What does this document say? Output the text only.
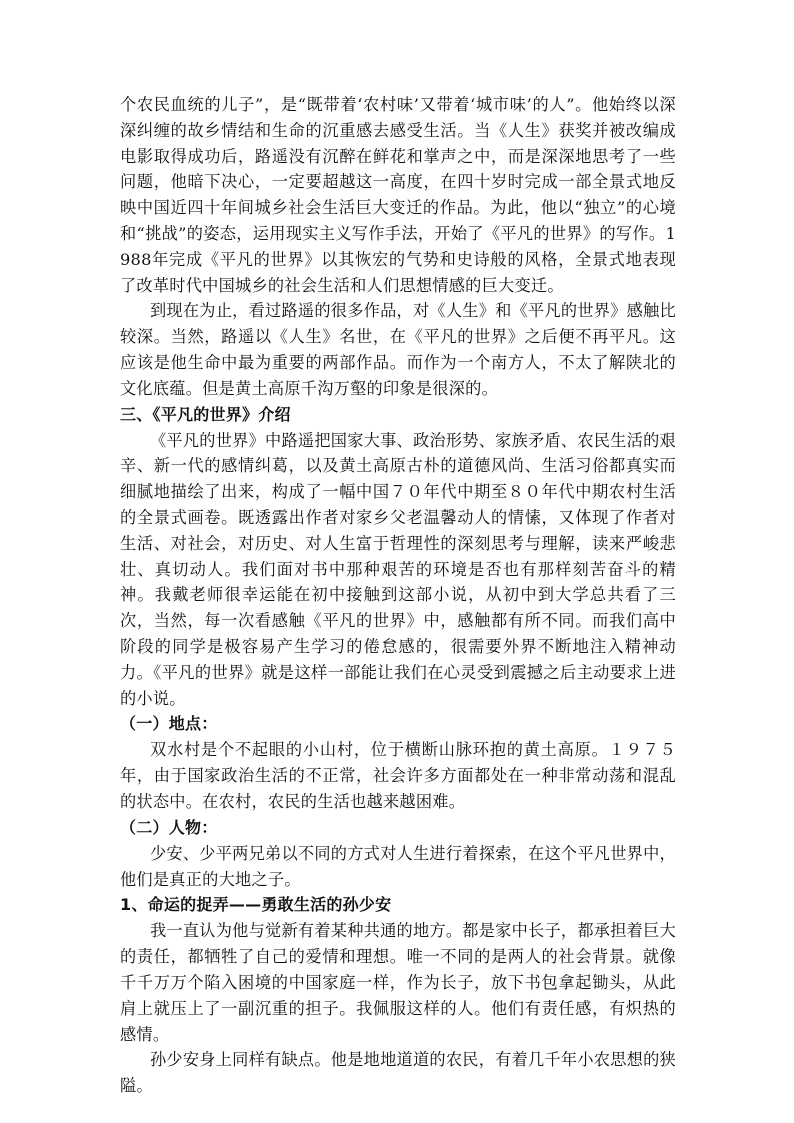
个农民血统的儿子”，是“既带着‘农村味’又带着‘城市味’的人”。他始终以深深纠缠的故乡情结和生命的沉重感去感受生活。当《人生》获奖并被改编成电影取得成功后，路遥没有沉醉在鲜花和掌声之中，而是深深地思考了一些问题，他暗下决心，一定要超越这一高度，在四十岁时完成一部全景式地反映中国近四十年间城乡社会生活巨大变迁的作品。为此，他以“独立”的心境和“挑战”的姿态，运用现实主义写作手法，开始了《平凡的世界》的写作。1988年完成《平凡的世界》以其恢宏的气势和史诗般的风格，全景式地表现了改革时代中国城乡的社会生活和人们思想情感的巨大变迁。

到现在为止，看过路遥的很多作品，对《人生》和《平凡的世界》感触比较深。当然，路遥以《人生》名世，在《平凡的世界》之后便不再平凡。这应该是他生命中最为重要的两部作品。而作为一个南方人，不太了解陕北的文化底蕴。但是黄土高原千沟万壑的印象是很深的。

三、《平凡的世界》介绍

《平凡的世界》中路遥把国家大事、政治形势、家族矛盾、农民生活的艰辛、新一代的感情纠葛，以及黄土高原古朴的道德风尚、生活习俗都真实而细腻地描绘了出来，构成了一幅中国７０年代中期至８０年代中期农村生活的全景式画卷。既透露出作者对家乡父老温馨动人的情愫，又体现了作者对生活、对社会，对历史、对人生富于哲理性的深刻思考与理解，读来严峻悲壮、真切动人。我们面对书中那种艰苦的环境是否也有那样刻苦奋斗的精神。我戴老师很幸运能在初中接触到这部小说，从初中到大学总共看了三次，当然，每一次看感触《平凡的世界》中，感触都有所不同。而我们高中阶段的同学是极容易产生学习的倦怠感的，很需要外界不断地注入精神动力。《平凡的世界》就是这样一部能让我们在心灵受到震撼之后主动要求上进的小说。

（一）地点：

双水村是个不起眼的小山村，位于横断山脉环抱的黄土高原。１９７５年，由于国家政治生活的不正常，社会许多方面都处在一种非常动荡和混乱的状态中。在农村，农民的生活也越来越困难。

（二）人物：

少安、少平两兄弟以不同的方式对人生进行着探索，在这个平凡世界中，他们是真正的大地之子。

1、命运的捉弄——勇敢生活的孙少安

我一直认为他与觉新有着某种共通的地方。都是家中长子，都承担着巨大的责任，都牺牲了自己的爱情和理想。唯一不同的是两人的社会背景。就像千千万万个陷入困境的中国家庭一样，作为长子，放下书包拿起锄头，从此肩上就压上了一副沉重的担子。我佩服这样的人。他们有责任感，有炽热的感情。

孙少安身上同样有缺点。他是地地道道的农民，有着几千年小农思想的狭隘。
